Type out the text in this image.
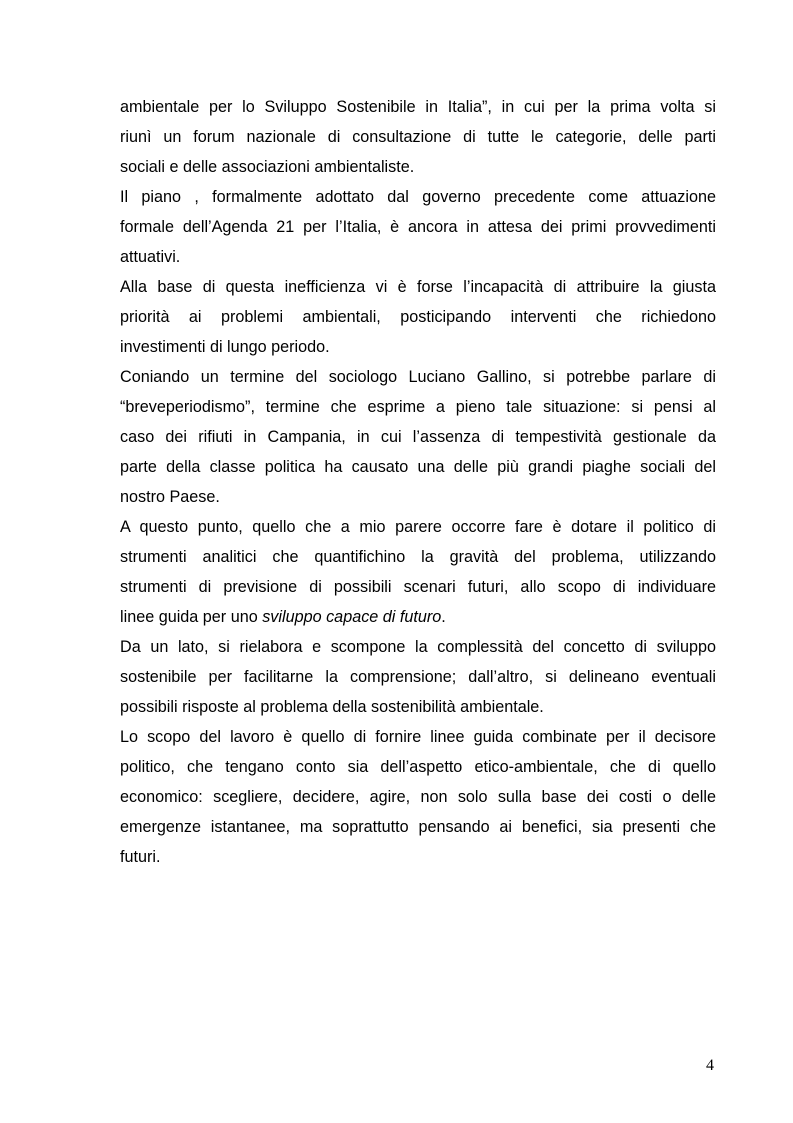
ambientale per lo Sviluppo Sostenibile in Italia”, in cui per la prima volta si
riunì un forum nazionale di consultazione di tutte le categorie, delle parti
sociali e delle associazioni ambientaliste.
Il piano , formalmente adottato dal governo precedente come attuazione
formale dell’Agenda 21 per l’Italia, è ancora in attesa dei primi provvedimenti
attuativi.
Alla base di questa inefficienza vi è forse l’incapacità di attribuire la giusta
priorità ai problemi ambientali, posticipando interventi che richiedono
investimenti di lungo periodo.
Coniando un termine del sociologo Luciano Gallino, si potrebbe parlare di
“breveperiodismo”, termine che esprime a pieno tale situazione: si pensi al
caso dei rifiuti in Campania, in cui l’assenza di tempestività gestionale da
parte della classe politica ha causato una delle più grandi piaghe sociali del
nostro Paese.
A questo punto, quello che a mio parere occorre fare è dotare il politico di
strumenti analitici che quantifichino la gravità del problema, utilizzando
strumenti di previsione di possibili scenari futuri, allo scopo di individuare
linee guida per uno sviluppo capace di futuro.
Da un lato, si rielabora e scompone la complessità del concetto di sviluppo
sostenibile per facilitarne la comprensione; dall’altro, si delineano eventuali
possibili risposte al problema della sostenibilità ambientale.
Lo scopo del lavoro è quello di fornire linee guida combinate per il decisore
politico, che tengano conto sia dell’aspetto etico-ambientale, che di quello
economico: scegliere, decidere, agire, non solo sulla base dei costi o delle
emergenze istantanee, ma soprattutto pensando ai benefici, sia presenti che
futuri.
4
